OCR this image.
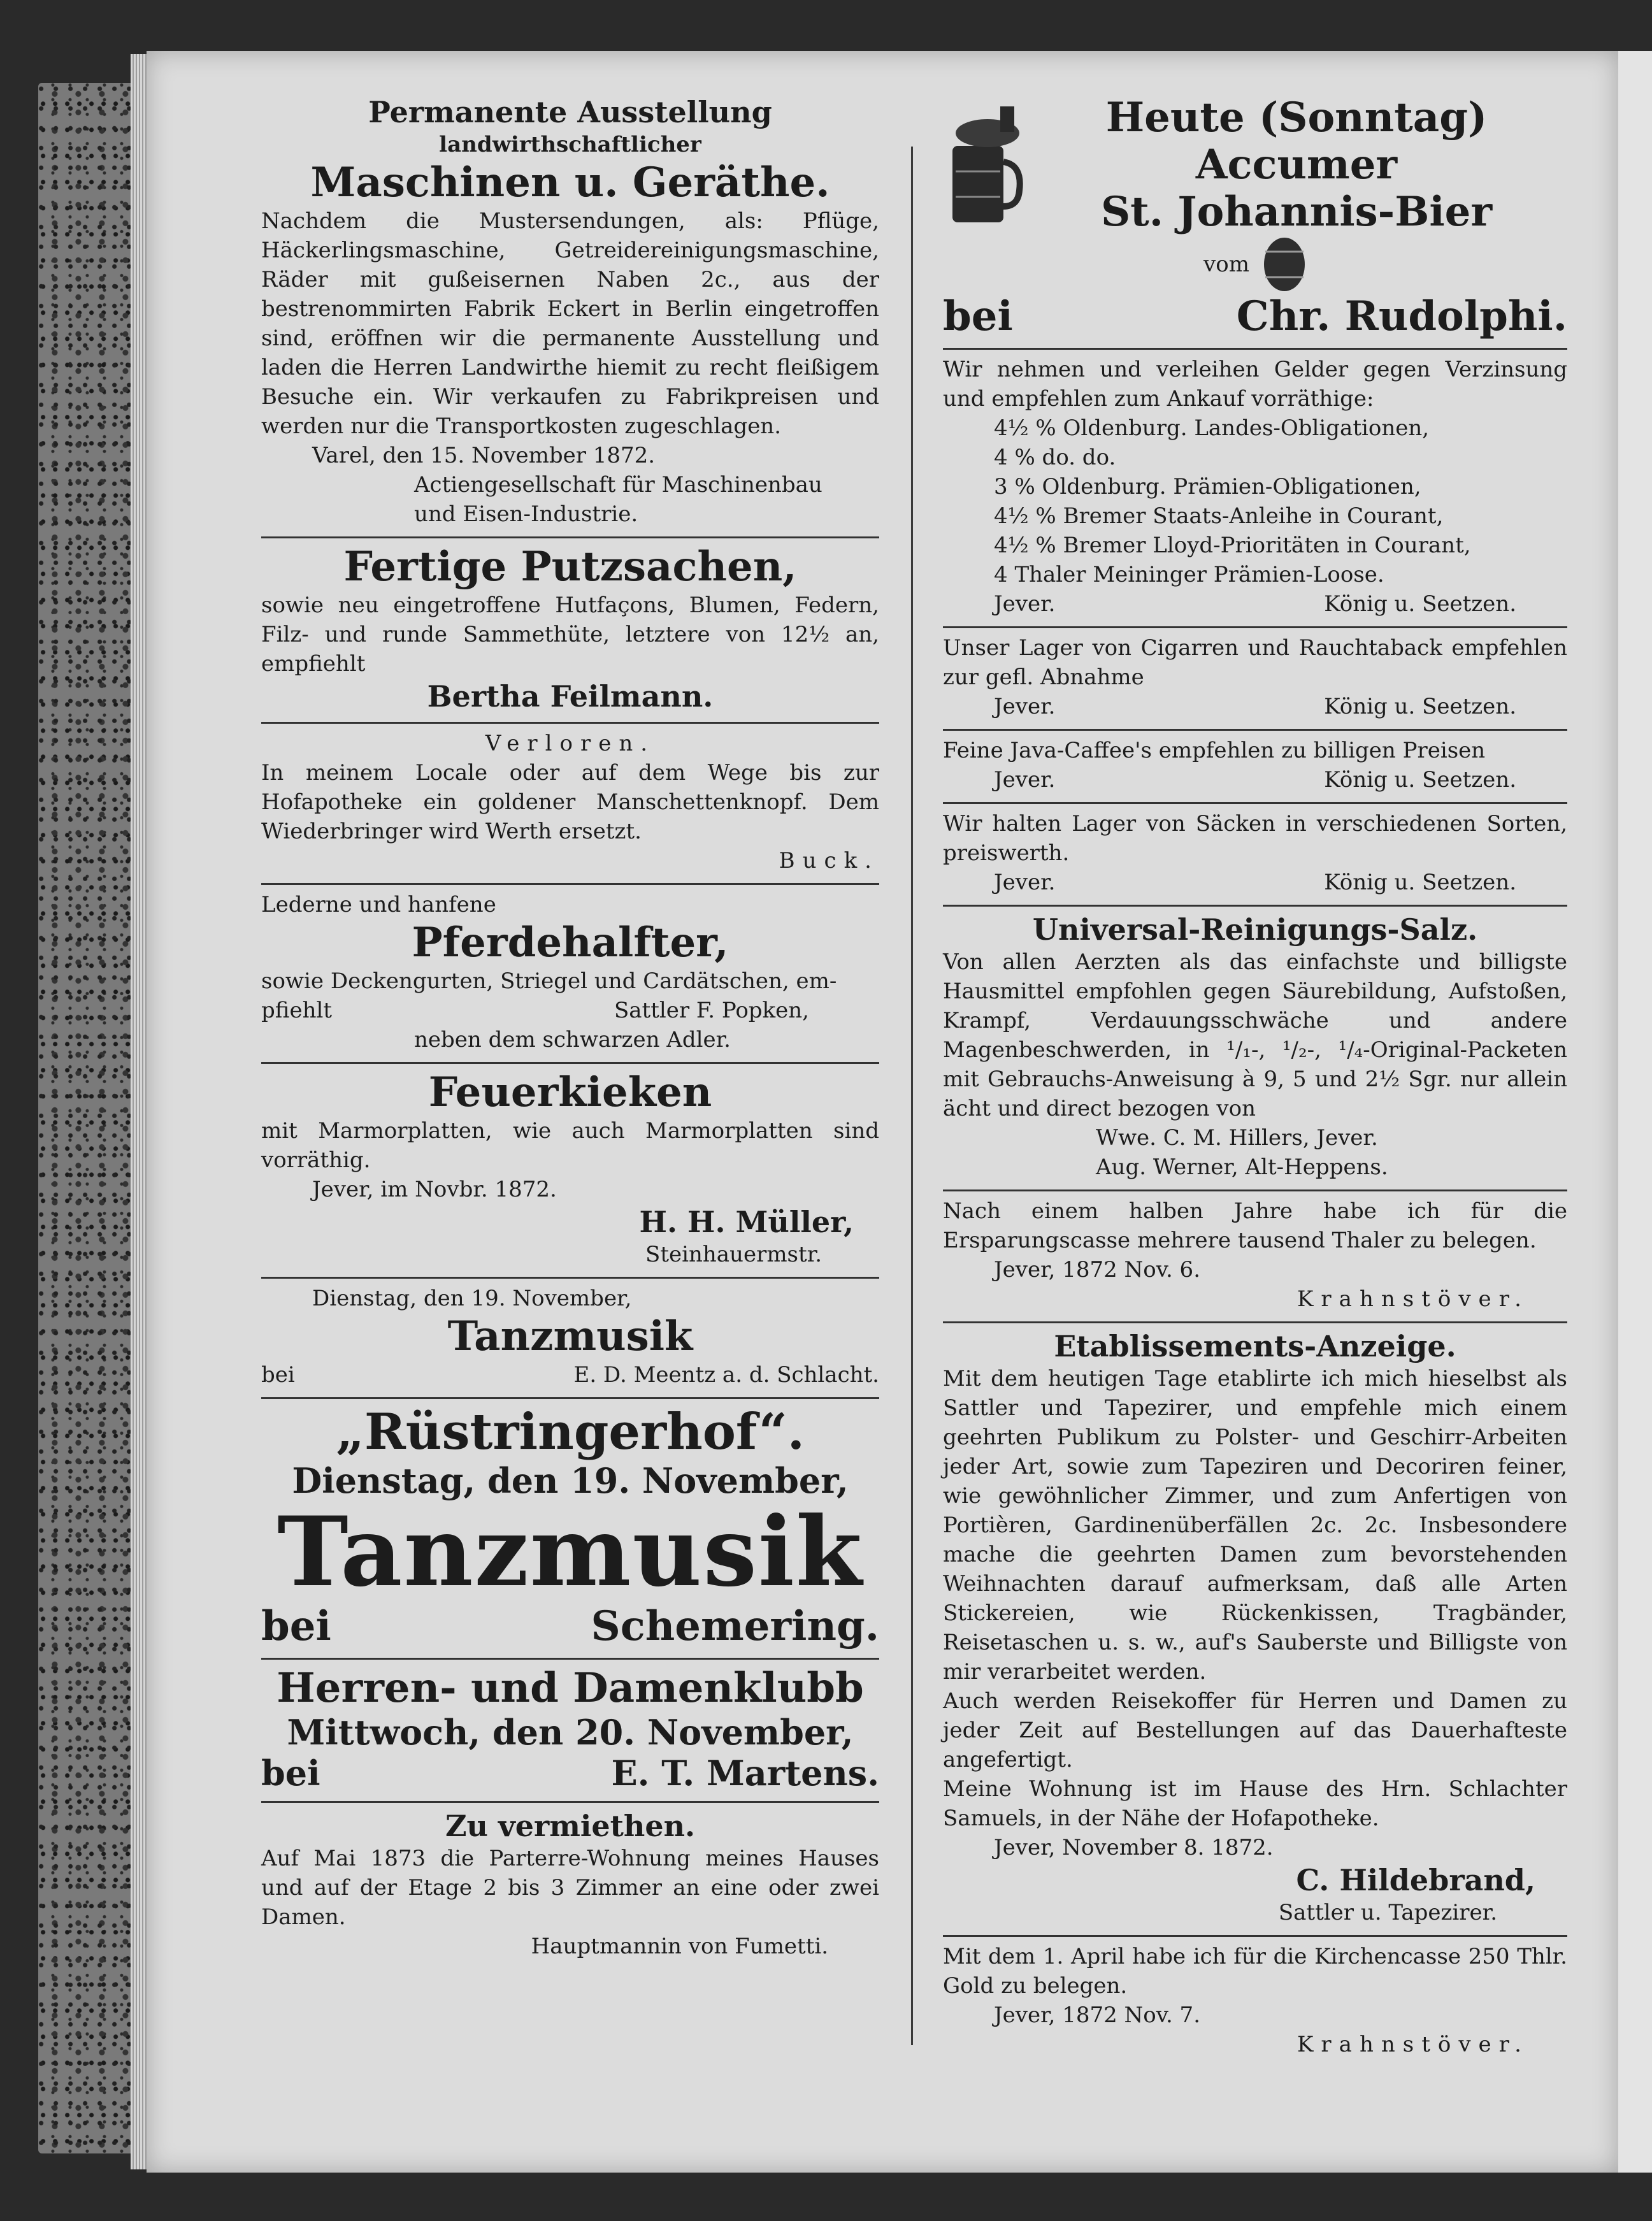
Permanente Ausstellung
landwirthschaftlicher
Maschinen u. Geräthe.
Nachdem die Mustersendungen, als: Pflüge, Häckerlingsmaschine, Getreidereinigungsmaschine, Räder mit gußeisernen Naben 2c., aus der bestrenommirten Fabrik Eckert in Berlin eingetroffen sind, eröffnen wir die permanente Ausstellung und laden die Herren Landwirthe hiemit zu recht fleißigem Besuche ein. Wir verkaufen zu Fabrikpreisen und werden nur die Transportkosten zugeschlagen.
Varel, den 15. November 1872.
Actiengesellschaft für Maschinenbau
und Eisen-Industrie.
Fertige Putzsachen,
sowie neu eingetroffene Hutfaçons, Blumen, Federn, Filz- und runde Sammethüte, letztere von 12½ an, empfiehlt
Bertha Feilmann.
Verloren.
In meinem Locale oder auf dem Wege bis zur Hofapotheke ein goldener Manschettenknopf. Dem Wiederbringer wird Werth ersetzt.
Buck.
Lederne und hanfene
Pferdehalfter,
sowie Deckengurten, Striegel und Cardätschen, em-
pfiehlt	Sattler F. Popken,
neben dem schwarzen Adler.
Feuerkieken
mit Marmorplatten, wie auch Marmorplatten sind vorräthig.
Jever, im Novbr. 1872.
H. H. Müller,
Steinhauermstr.
Dienstag, den 19. November,
Tanzmusik
bei	E. D. Meentz a. d. Schlacht.
„Rüstringerhof“.
Dienstag, den 19. November,
Tanzmusik
bei	Schemering.
Herren- und Damenklubb
Mittwoch, den 20. November,
bei	E. T. Martens.
Zu vermiethen.
Auf Mai 1873 die Parterre-Wohnung meines Hauses und auf der Etage 2 bis 3 Zimmer an eine oder zwei Damen.
Hauptmannin von Fumetti.
Heute (Sonntag)
Accumer
St. Johannis-Bier
vom
bei	Chr. Rudolphi.
Wir nehmen und verleihen Gelder gegen Verzinsung und empfehlen zum Ankauf vorräthige:
4½ % Oldenburg. Landes-Obligationen,
4 % do. do.
3 % Oldenburg. Prämien-Obligationen,
4½ % Bremer Staats-Anleihe in Courant,
4½ % Bremer Lloyd-Prioritäten in Courant,
4 Thaler Meininger Prämien-Loose.
Jever.	König u. Seetzen.
Unser Lager von Cigarren und Rauchtaback empfehlen zur gefl. Abnahme
Jever.	König u. Seetzen.
Feine Java-Caffee's empfehlen zu billigen Preisen
Jever.	König u. Seetzen.
Wir halten Lager von Säcken in verschiedenen Sorten, preiswerth.
Jever.	König u. Seetzen.
Universal-Reinigungs-Salz.
Von allen Aerzten als das einfachste und billigste Hausmittel empfohlen gegen Säurebildung, Aufstoßen, Krampf, Verdauungsschwäche und andere Magenbeschwerden, in ¹/₁-, ¹/₂-, ¹/₄-Original-Packeten mit Gebrauchs-Anweisung à 9, 5 und 2½ Sgr. nur allein ächt und direct bezogen von
Wwe. C. M. Hillers, Jever.
Aug. Werner, Alt-Heppens.
Nach einem halben Jahre habe ich für die Ersparungscasse mehrere tausend Thaler zu belegen.
Jever, 1872 Nov. 6.
Krahnstöver.
Etablissements-Anzeige.
Mit dem heutigen Tage etablirte ich mich hieselbst als Sattler und Tapezirer, und empfehle mich einem geehrten Publikum zu Polster- und Geschirr-Arbeiten jeder Art, sowie zum Tapeziren und Decoriren feiner, wie gewöhnlicher Zimmer, und zum Anfertigen von Portièren, Gardinenüberfällen 2c. 2c. Insbesondere mache die geehrten Damen zum bevorstehenden Weihnachten darauf aufmerksam, daß alle Arten Stickereien, wie Rückenkissen, Tragbänder, Reisetaschen u. s. w., auf's Sauberste und Billigste von mir verarbeitet werden.
Auch werden Reisekoffer für Herren und Damen zu jeder Zeit auf Bestellungen auf das Dauerhafteste angefertigt.
Meine Wohnung ist im Hause des Hrn. Schlachter Samuels, in der Nähe der Hofapotheke.
Jever, November 8. 1872.
C. Hildebrand,
Sattler u. Tapezirer.
Mit dem 1. April habe ich für die Kirchencasse 250 Thlr. Gold zu belegen.
Jever, 1872 Nov. 7.
Krahnstöver.
